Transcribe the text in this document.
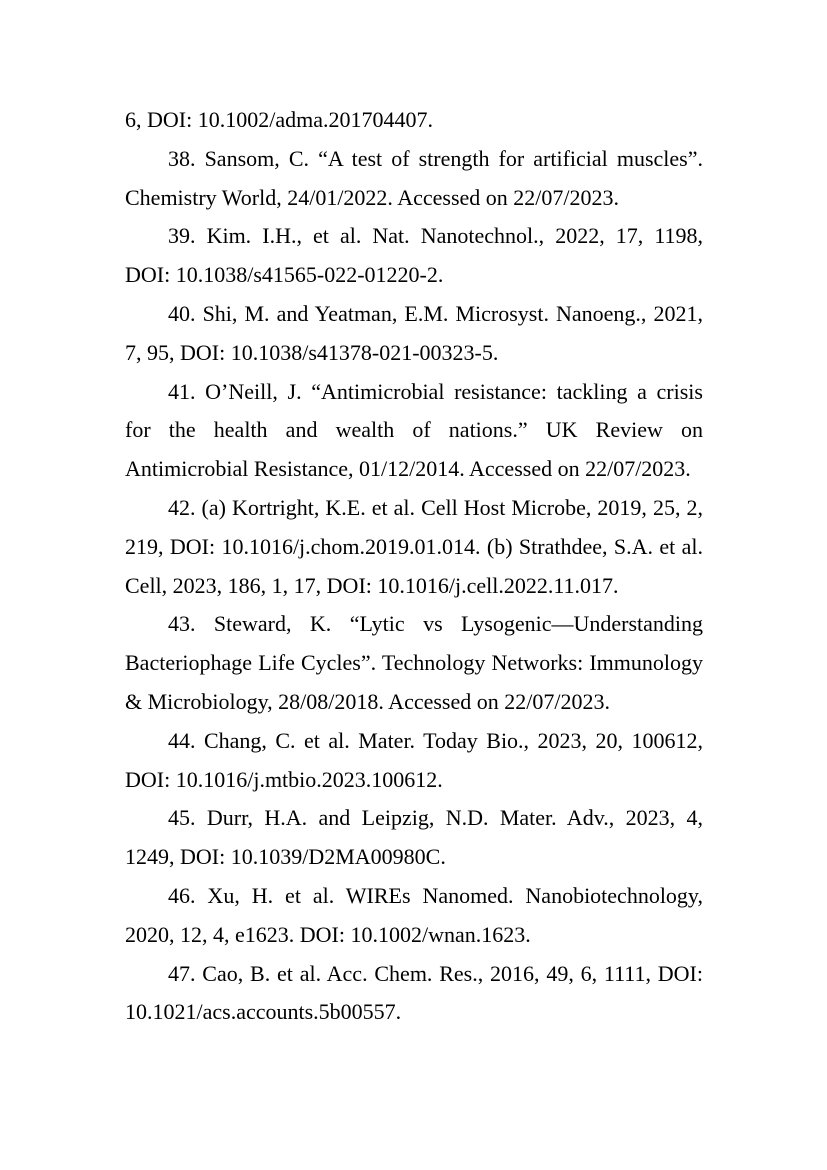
6, DOI: 10.1002/adma.201704407.

38. Sansom, C. “A test of strength for artificial muscles”. Chemistry World, 24/01/2022. Accessed on 22/07/2023.

39. Kim. I.H., et al. Nat. Nanotechnol., 2022, 17, 1198, DOI: 10.1038/s41565-022-01220-2.

40. Shi, M. and Yeatman, E.M. Microsyst. Nanoeng., 2021, 7, 95, DOI: 10.1038/s41378-021-00323-5.

41. O’Neill, J. “Antimicrobial resistance: tackling a crisis for the health and wealth of nations.” UK Review on Antimicrobial Resistance, 01/12/2014. Accessed on 22/07/2023.

42. (a) Kortright, K.E. et al. Cell Host Microbe, 2019, 25, 2, 219, DOI: 10.1016/j.chom.2019.01.014. (b) Strathdee, S.A. et al. Cell, 2023, 186, 1, 17, DOI: 10.1016/j.cell.2022.11.017.

43. Steward, K. “Lytic vs Lysogenic—Understanding Bacteriophage Life Cycles”. Technology Networks: Immunology & Microbiology, 28/08/2018. Accessed on 22/07/2023.

44. Chang, C. et al. Mater. Today Bio., 2023, 20, 100612, DOI: 10.1016/j.mtbio.2023.100612.

45. Durr, H.A. and Leipzig, N.D. Mater. Adv., 2023, 4, 1249, DOI: 10.1039/D2MA00980C.

46. Xu, H. et al. WIREs Nanomed. Nanobiotechnology, 2020, 12, 4, e1623. DOI: 10.1002/wnan.1623.

47. Cao, B. et al. Acc. Chem. Res., 2016, 49, 6, 1111, DOI: 10.1021/acs.accounts.5b00557.
